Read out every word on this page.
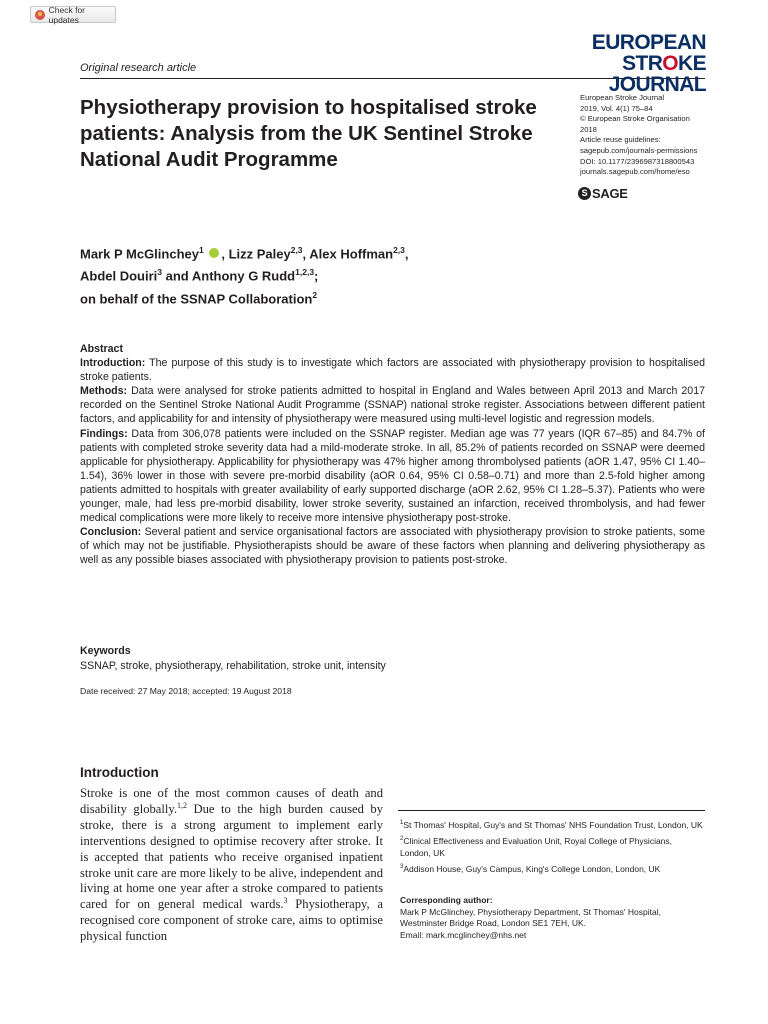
Check for updates
Original research article
EUROPEAN
STROKE JOURNAL
Physiotherapy provision to hospitalised stroke patients: Analysis from the UK Sentinel Stroke National Audit Programme
European Stroke Journal
2019, Vol. 4(1) 75–84
© European Stroke Organisation
2018
Article reuse guidelines:
sagepub.com/journals-permissions
DOI: 10.1177/2396987318800543
journals.sagepub.com/home/eso
S SAGE
Mark P McGlinchey$^1$ , Lizz Paley$^{2,3}$, Alex Hoffman$^{2,3}$,
Abdel Douiri$^3$ and Anthony G Rudd$^{1,2,3}$;
on behalf of the SSNAP Collaboration$^2$

Abstract

Introduction: The purpose of this study is to investigate which factors are associated with physiotherapy provision to hospitalised stroke patients.

Methods: Data were analysed for stroke patients admitted to hospital in England and Wales between April 2013 and March 2017 recorded on the Sentinel Stroke National Audit Programme (SSNAP) national stroke register. Associations between different patient factors, and applicability for and intensity of physiotherapy were measured using multi-level logistic and regression models.

Findings: Data from 306,078 patients were included on the SSNAP register. Median age was 77 years (IQR 67–85) and 84.7% of patients with completed stroke severity data had a mild-moderate stroke. In all, 85.2% of patients recorded on SSNAP were deemed applicable for physiotherapy. Applicability for physiotherapy was 47% higher among thrombolysed patients (aOR 1.47, 95% CI 1.40–1.54), 36% lower in those with severe pre-morbid disability (aOR 0.64, 95% CI 0.58–0.71) and more than 2.5-fold higher among patients admitted to hospitals with greater availability of early supported discharge (aOR 2.62, 95% CI 1.28–5.37). Patients who were younger, male, had less pre-morbid disability, lower stroke severity, sustained an infarction, received thrombolysis, and had fewer medical complications were more likely to receive more intensive physiotherapy post-stroke.

Conclusion: Several patient and service organisational factors are associated with physiotherapy provision to stroke patients, some of which may not be justifiable. Physiotherapists should be aware of these factors when planning and delivering physiotherapy as well as any possible biases associated with physiotherapy provision to patients post-stroke.

Keywords
SSNAP, stroke, physiotherapy, rehabilitation, stroke unit, intensity
Date received: 27 May 2018; accepted: 19 August 2018
Introduction
Stroke is one of the most common causes of death and disability globally.$^{1,2}$ Due to the high burden caused by stroke, there is a strong argument to implement early interventions designed to optimise recovery after stroke. It is accepted that patients who receive organised inpatient stroke unit care are more likely to be alive, independent and living at home one year after a stroke compared to patients cared for on general medical wards.$^3$ Physiotherapy, a recognised core component of stroke care, aims to optimise physical function

$^1$St Thomas' Hospital, Guy's and St Thomas' NHS Foundation Trust, London, UK

$^2$Clinical Effectiveness and Evaluation Unit, Royal College of Physicians, London, UK

$^3$Addison House, Guy's Campus, King's College London, London, UK

Corresponding author:
Mark P McGlinchey, Physiotherapy Department, St Thomas' Hospital, Westminster Bridge Road, London SE1 7EH, UK.
Email: mark.mcglinchey@nhs.net
